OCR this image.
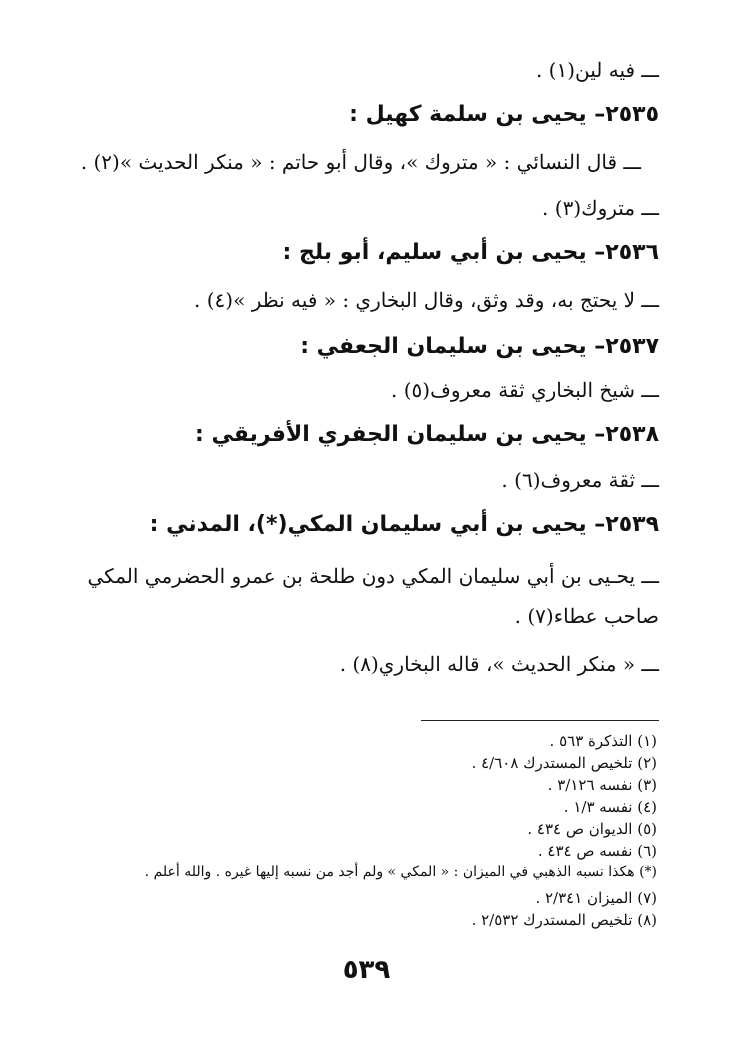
ـــ فيه لين(١) .
٢٥٣٥– يحيى بن سلمة كهيل :
ـــ قال النسائي : « متروك »، وقال أبو حاتم : « منكر الحديث »(٢) .
ـــ متروك(٣) .
٢٥٣٦– يحيى بن أبي سليم، أبو بلج :
ـــ لا يحتج به، وقد وثق، وقال البخاري : « فيه نظر »(٤) .
٢٥٣٧– يحيى بن سليمان الجعفي :
ـــ شيخ البخاري ثقة معروف(٥) .
٢٥٣٨– يحيى بن سليمان الجفري الأفريقي :
ـــ ثقة معروف(٦) .
٢٥٣٩– يحيى بن أبي سليمان المكي(*)، المدني :
ـــ يحـيى بن أبي سليمان المكي دون طلحة بن عمرو الحضرمي المكي
صاحب عطاء(٧) .
ـــ « منكر الحديث »، قاله البخاري(٨) .
(١) التذكرة ٥٦٣ .
(٢) تلخيص المستدرك ٤/٦٠٨ .
(٣) نفسه ٣/١٢٦ .
(٤) نفسه ١/٣ .
(٥) الديوان ص ٤٣٤ .
(٦) نفسه ص ٤٣٤ .
(*) هكذا نسبه الذهبي في الميزان : « المكي » ولم أجد من نسبه إليها غيره . والله أعلم .
(٧) الميزان ٢/٣٤١ .
(٨) تلخيص المستدرك ٢/٥٣٢ .
٥٣٩
